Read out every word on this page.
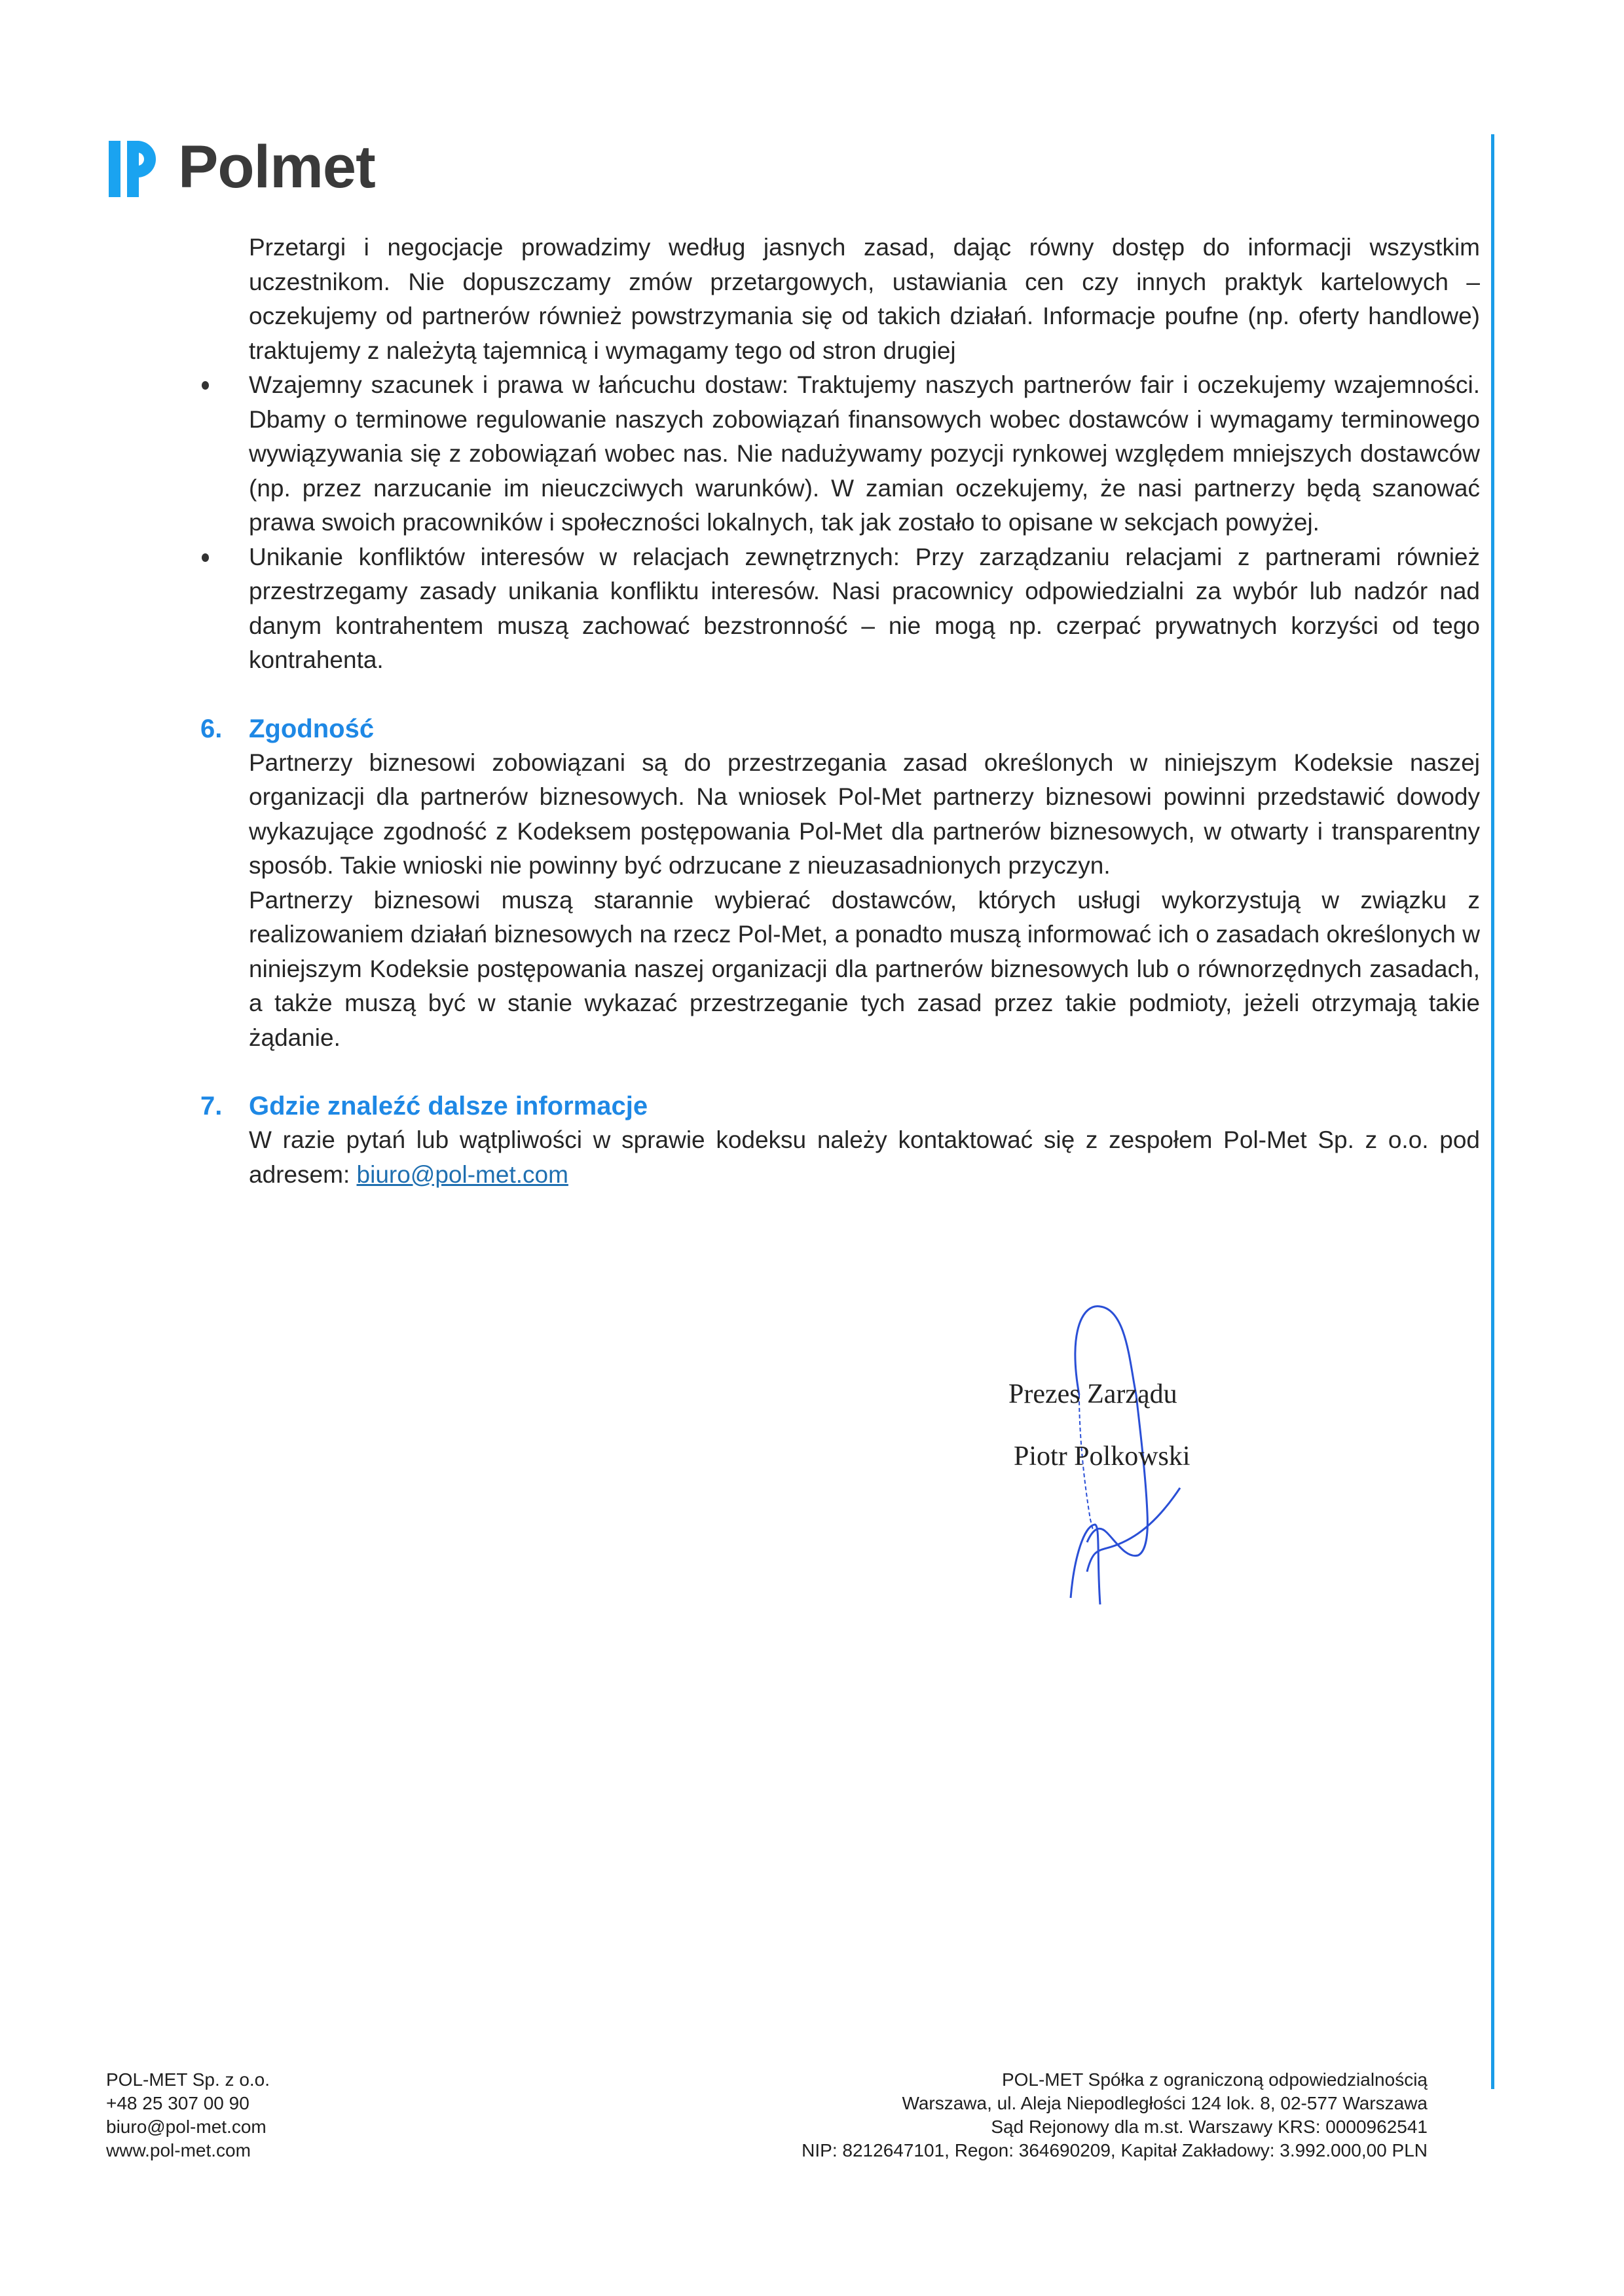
Polmet

Przetargi i negocjacje prowadzimy według jasnych zasad, dając równy dostęp do informacji wszystkim uczestnikom. Nie dopuszczamy zmów przetargowych, ustawiania cen czy innych praktyk kartelowych – oczekujemy od partnerów również powstrzymania się od takich działań. Informacje poufne (np. oferty handlowe) traktujemy z należytą tajemnicą i wymagamy tego od stron drugiej

Wzajemny szacunek i prawa w łańcuchu dostaw: Traktujemy naszych partnerów fair i oczekujemy wzajemności. Dbamy o terminowe regulowanie naszych zobowiązań finansowych wobec dostawców i wymagamy terminowego wywiązywania się z zobowiązań wobec nas. Nie nadużywamy pozycji rynkowej względem mniejszych dostawców (np. przez narzucanie im nieuczciwych warunków). W zamian oczekujemy, że nasi partnerzy będą szanować prawa swoich pracowników i społeczności lokalnych, tak jak zostało to opisane w sekcjach powyżej.
Unikanie konfliktów interesów w relacjach zewnętrznych: Przy zarządzaniu relacjami z partnerami również przestrzegamy zasady unikania konfliktu interesów. Nasi pracownicy odpowiedzialni za wybór lub nadzór nad danym kontrahentem muszą zachować bezstronność – nie mogą np. czerpać prywatnych korzyści od tego kontrahenta.
6. Zgodność

Partnerzy biznesowi zobowiązani są do przestrzegania zasad określonych w niniejszym Kodeksie naszej organizacji dla partnerów biznesowych. Na wniosek Pol-Met partnerzy biznesowi powinni przedstawić dowody wykazujące zgodność z Kodeksem postępowania Pol-Met dla partnerów biznesowych, w otwarty i transparentny sposób. Takie wnioski nie powinny być odrzucane z nieuzasadnionych przyczyn.

Partnerzy biznesowi muszą starannie wybierać dostawców, których usługi wykorzystują w związku z realizowaniem działań biznesowych na rzecz Pol-Met, a ponadto muszą informować ich o zasadach określonych w niniejszym Kodeksie postępowania naszej organizacji dla partnerów biznesowych lub o równorzędnych zasadach, a także muszą być w stanie wykazać przestrzeganie tych zasad przez takie podmioty, jeżeli otrzymają takie żądanie.

7. Gdzie znaleźć dalsze informacje

W razie pytań lub wątpliwości w sprawie kodeksu należy kontaktować się z zespołem Pol-Met Sp. z o.o. pod adresem: biuro@pol-met.com

Prezes Zarządu
Piotr Polkowski
POL-MET Sp. z o.o.
+48 25 307 00 90
biuro@pol-met.com
www.pol-met.com
POL-MET Spółka z ograniczoną odpowiedzialnością
Warszawa, ul. Aleja Niepodległości 124 lok. 8, 02-577 Warszawa
Sąd Rejonowy dla m.st. Warszawy KRS: 0000962541
NIP: 8212647101, Regon: 364690209, Kapitał Zakładowy: 3.992.000,00 PLN
